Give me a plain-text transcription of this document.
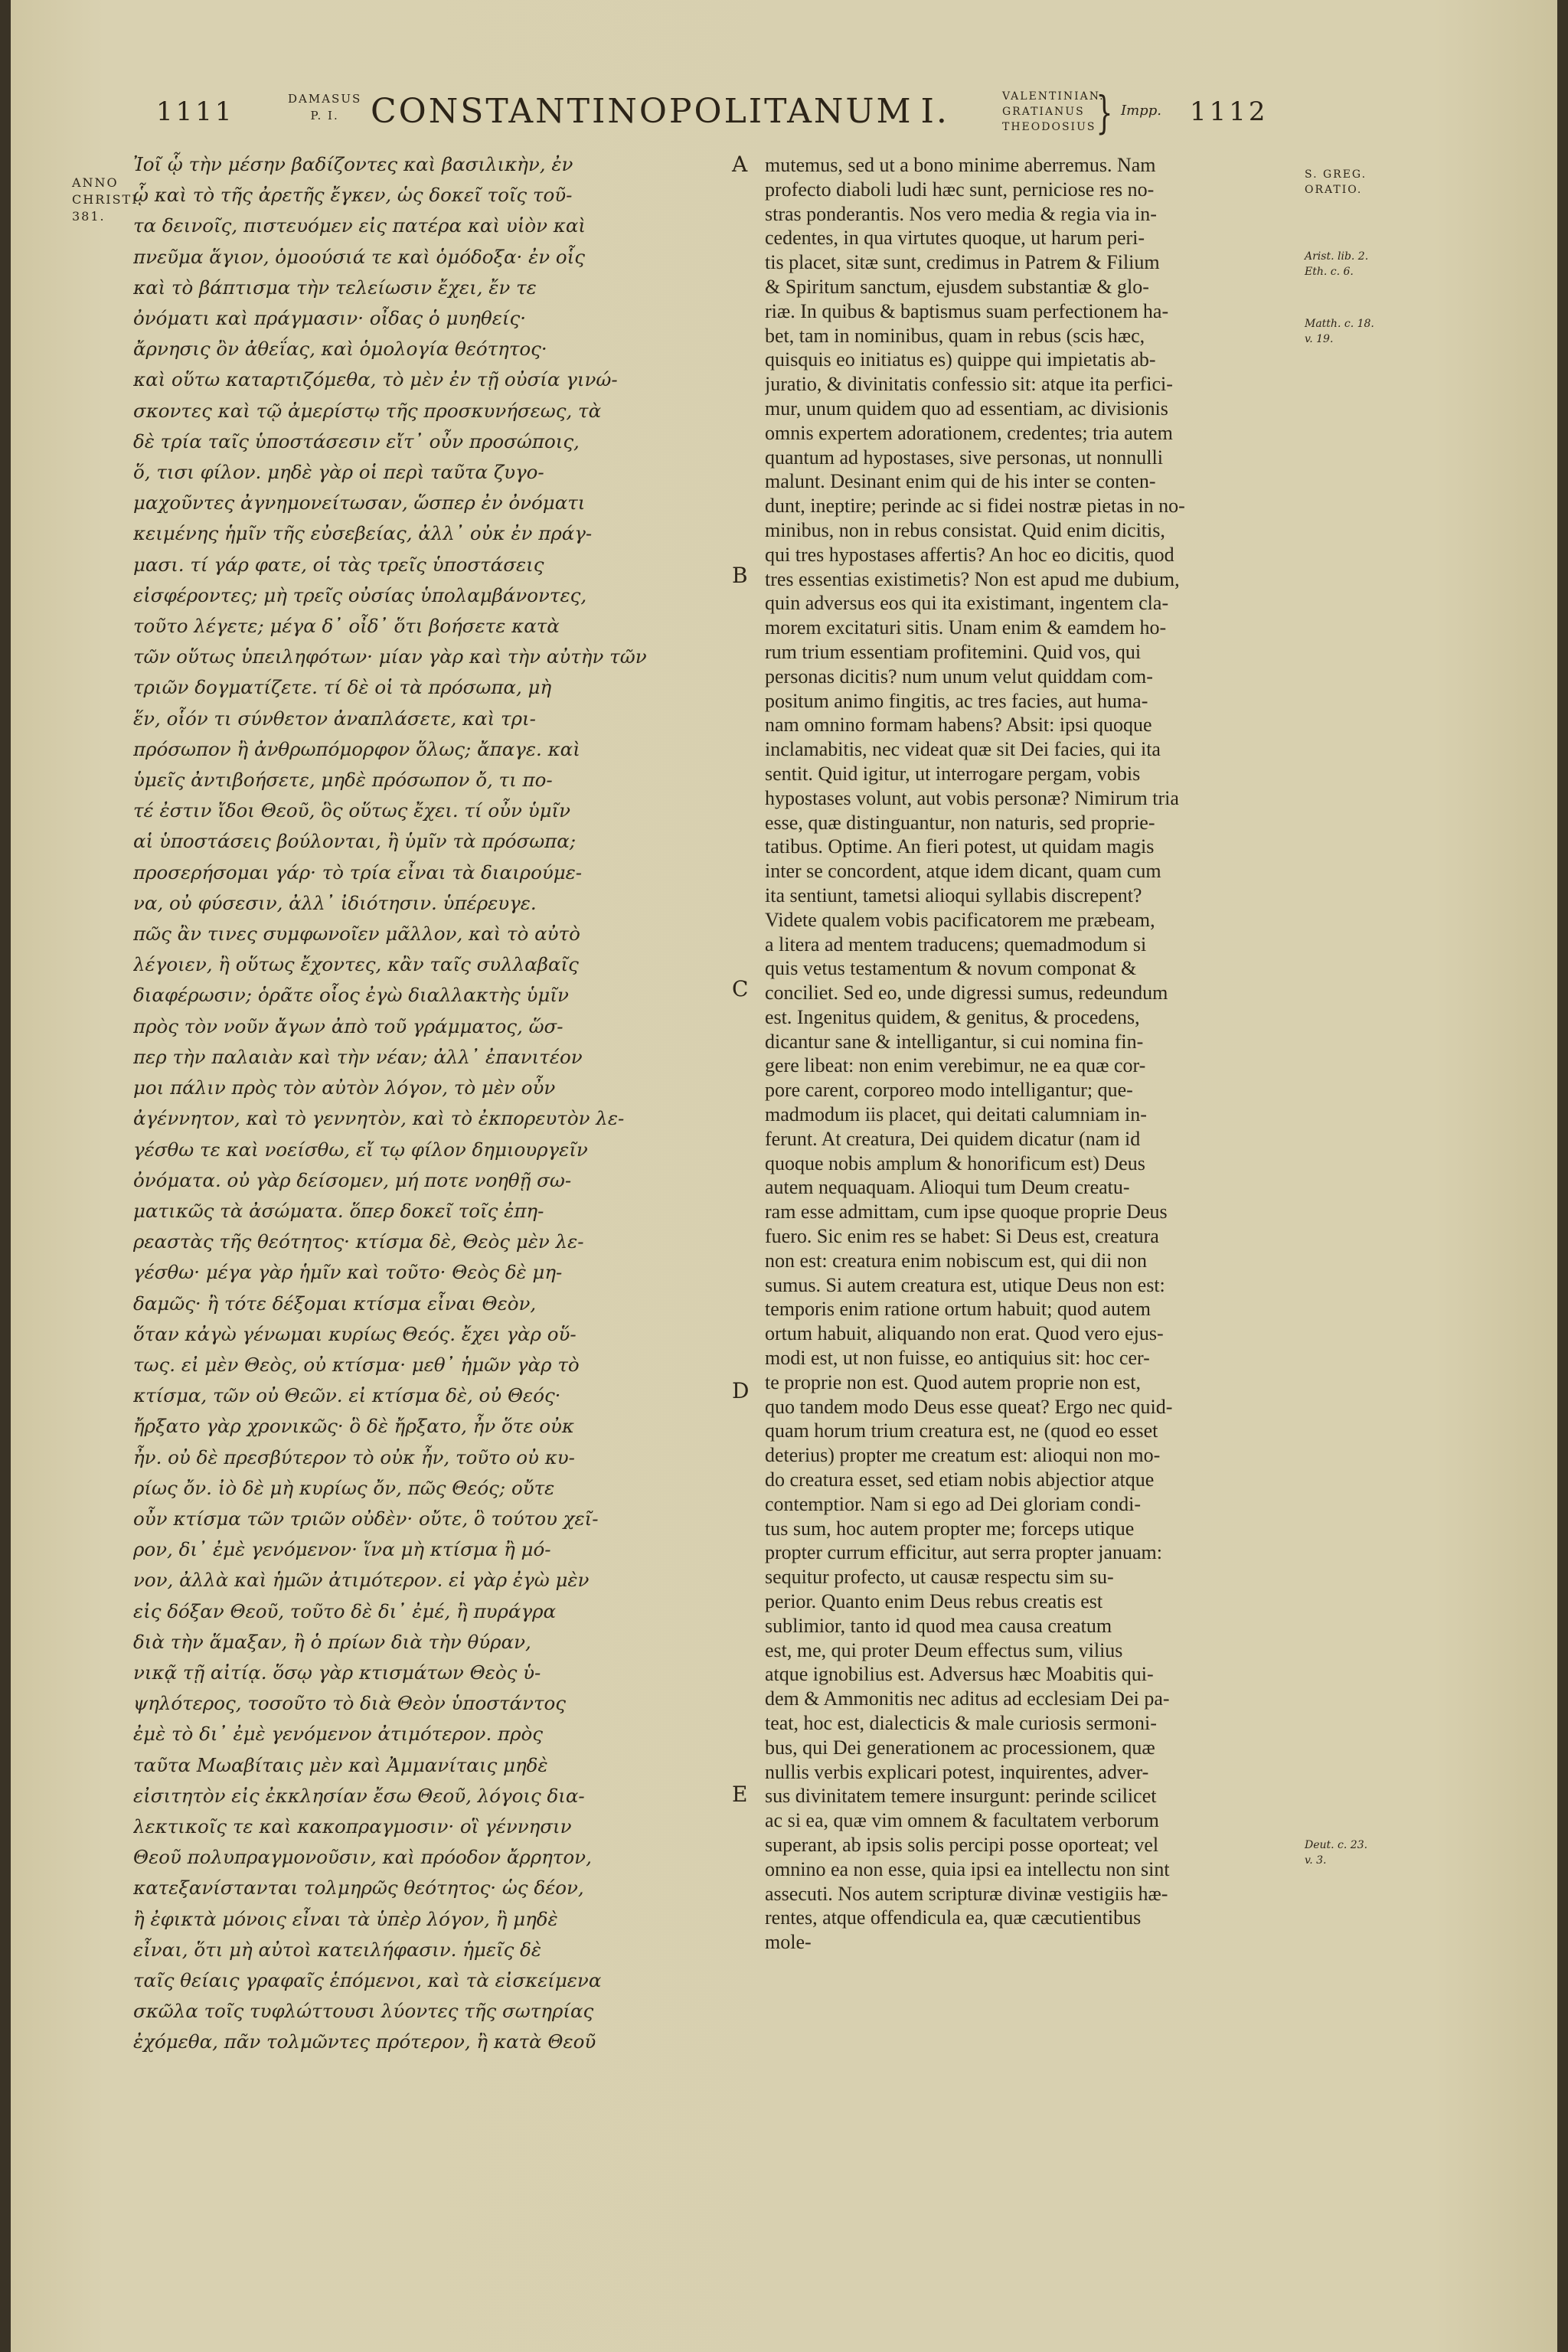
1111	DAMASUS
P. I. CONSTANTINOPOLITANUM I.	VALENTINIAN.
GRATIANUS
THEODOSIUS } Impp. 1112
ANNO
CHRISTI
381.
Ἰοῖ ᾧ τὴν μέσην βαδίζοντες καὶ βασιλικὴν, ἐν
ᾧ καὶ τὸ τῆς ἀρετῆς ἔγκεν, ὡς δοκεῖ τοῖς τοῦ-
τα δεινοῖς, πιστευόμεν εἰς πατέρα καὶ υἱὸν καὶ
πνεῦμα ἅγιον, ὁμοούσιά τε καὶ ὁμόδοξα· ἐν οἷς
καὶ τὸ βάπτισμα τὴν τελείωσιν ἔχει, ἔν τε
ὀνόματι καὶ πράγμασιν· οἶδας ὁ μυηθείς·
ἄρνησις ὂν ἀθεΐας, καὶ ὁμολογία θεότητος·
καὶ οὕτω καταρτιζόμεθα, τὸ μὲν ἐν τῇ οὐσία γινώ-
σκοντες καὶ τῷ ἀμερίστῳ τῆς προσκυνήσεως, τὰ
δὲ τρία ταῖς ὑποστάσεσιν εἴτ᾽ οὖν προσώποις,
ὅ, τισι φίλον. μηδὲ γὰρ οἱ περὶ ταῦτα ζυγο-
μαχοῦντες ἀγνημονείτωσαν, ὥσπερ ἐν ὀνόματι
κειμένης ἡμῖν τῆς εὐσεβείας, ἀλλ᾽ οὐκ ἐν πράγ-
μασι. τί γάρ φατε, οἱ τὰς τρεῖς ὑποστάσεις
εἰσφέροντες; μὴ τρεῖς οὐσίας ὑπολαμβάνοντες,
τοῦτο λέγετε; μέγα δ᾽ οἶδ᾽ ὅτι βοήσετε κατὰ
τῶν οὕτως ὑπειληφότων· μίαν γὰρ καὶ τὴν αὐτὴν τῶν
τριῶν δογματίζετε. τί δὲ οἱ τὰ πρόσωπα, μὴ
ἕν, οἷόν τι σύνθετον ἀναπλάσετε, καὶ τρι-
πρόσωπον ἢ ἀνθρωπόμορφον ὅλως; ἄπαγε. καὶ
ὑμεῖς ἀντιβοήσετε, μηδὲ πρόσωπον ὄ, τι πο-
τέ ἐστιν ἴδοι Θεοῦ, ὃς οὕτως ἔχει. τί οὖν ὑμῖν
αἱ ὑποστάσεις βούλονται, ἢ ὑμῖν τὰ πρόσωπα;
προσερήσομαι γάρ· τὸ τρία εἶναι τὰ διαιρούμε-
να, οὐ φύσεσιν, ἀλλ᾽ ἰδιότησιν. ὑπέρευγε.
πῶς ἂν τινες συμφωνοῖεν μᾶλλον, καὶ τὸ αὐτὸ
λέγοιεν, ἢ οὕτως ἔχοντες, κἂν ταῖς συλλαβαῖς
διαφέρωσιν; ὁρᾶτε οἷος ἐγὼ διαλλακτὴς ὑμῖν
πρὸς τὸν νοῦν ἄγων ἀπὸ τοῦ γράμματος, ὥσ-
περ τὴν παλαιὰν καὶ τὴν νέαν; ἀλλ᾽ ἐπανιτέον
μοι πάλιν πρὸς τὸν αὐτὸν λόγον, τὸ μὲν οὖν
ἀγέννητον, καὶ τὸ γεννητὸν, καὶ τὸ ἐκπορευτὸν λε-
γέσθω τε καὶ νοείσθω, εἴ τῳ φίλον δημιουργεῖν
ὀνόματα. οὐ γὰρ δείσομεν, μή ποτε νοηθῇ σω-
ματικῶς τὰ ἀσώματα. ὅπερ δοκεῖ τοῖς ἐπη-
ρεαστὰς τῆς θεότητος· κτίσμα δὲ, Θεὸς μὲν λε-
γέσθω· μέγα γὰρ ἡμῖν καὶ τοῦτο· Θεὸς δὲ μη-
δαμῶς· ἢ τότε δέξομαι κτίσμα εἶναι Θεὸν,
ὅταν κἀγὼ γένωμαι κυρίως Θεός. ἔχει γὰρ οὕ-
τως. εἰ μὲν Θεὸς, οὐ κτίσμα· μεθ᾽ ἡμῶν γὰρ τὸ
κτίσμα, τῶν οὐ Θεῶν. εἰ κτίσμα δὲ, οὐ Θεός·
ἤρξατο γὰρ χρονικῶς· ὃ δὲ ἤρξατο, ἦν ὅτε οὐκ
ἦν. οὐ δὲ πρεσβύτερον τὸ οὐκ ἦν, τοῦτο οὐ κυ-
ρίως ὄν. ἰὸ δὲ μὴ κυρίως ὄν, πῶς Θεός; οὔτε
οὖν κτίσμα τῶν τριῶν οὐδὲν· οὔτε, ὃ τούτου χεῖ-
ρον, δι᾽ ἐμὲ γενόμενον· ἵνα μὴ κτίσμα ἢ μό-
νον, ἀλλὰ καὶ ἡμῶν ἀτιμότερον. εἰ γὰρ ἐγὼ μὲν
εἰς δόξαν Θεοῦ, τοῦτο δὲ δι᾽ ἐμέ, ἢ πυράγρα
διὰ τὴν ἅμαξαν, ἢ ὁ πρίων διὰ τὴν θύραν,
νικᾷ τῇ αἰτίᾳ. ὅσῳ γὰρ κτισμάτων Θεὸς ὑ-
ψηλότερος, τοσοῦτο τὸ διὰ Θεὸν ὑποστάντος
ἐμὲ τὸ δι᾽ ἐμὲ γενόμενον ἀτιμότερον. πρὸς
ταῦτα Μωαβίταις μὲν καὶ Ἀμμανίταις μηδὲ
εἰσιτητὸν εἰς ἐκκλησίαν ἔσω Θεοῦ, λόγοις δια-
λεκτικοῖς τε καὶ κακοπραγμοσιν· οἳ γέννησιν
Θεοῦ πολυπραγμονοῦσιν, καὶ πρόοδον ἄρρητον,
κατεξανίστανται τολμηρῶς θεότητος· ὡς δέον,
ἢ ἐφικτὰ μόνοις εἶναι τὰ ὑπὲρ λόγον, ἢ μηδὲ
εἶναι, ὅτι μὴ αὐτοὶ κατειλήφασιν. ἡμεῖς δὲ
ταῖς θείαις γραφαῖς ἑπόμενοι, καὶ τὰ εἰσκείμενα
σκῶλα τοῖς τυφλώττουσι λύοντες τῆς σωτηρίας
ἐχόμεθα, πᾶν τολμῶντες πρότερον, ἢ κατὰ Θεοῦ
A
B
C
D
E
mutemus, sed ut a bono minime aberremus. Nam
profecto diaboli ludi hæc sunt, perniciose res no-
stras ponderantis. Nos vero media & regia via in-
cedentes, in qua virtutes quoque, ut harum peri-
tis placet, sitæ sunt, credimus in Patrem & Filium
& Spiritum sanctum, ejusdem substantiæ & glo-
riæ. In quibus & baptismus suam perfectionem ha-
bet, tam in nominibus, quam in rebus (scis hæc,
quisquis eo initiatus es) quippe qui impietatis ab-
juratio, & divinitatis confessio sit: atque ita perfici-
mur, unum quidem quo ad essentiam, ac divisionis
omnis expertem adorationem, credentes; tria autem
quantum ad hypostases, sive personas, ut nonnulli
malunt. Desinant enim qui de his inter se conten-
dunt, ineptire; perinde ac si fidei nostræ pietas in no-
minibus, non in rebus consistat. Quid enim dicitis,
qui tres hypostases affertis? An hoc eo dicitis, quod
tres essentias existimetis? Non est apud me dubium,
quin adversus eos qui ita existimant, ingentem cla-
morem excitaturi sitis. Unam enim & eamdem ho-
rum trium essentiam profitemini. Quid vos, qui
personas dicitis? num unum velut quiddam com-
positum animo fingitis, ac tres facies, aut huma-
nam omnino formam habens? Absit: ipsi quoque
inclamabitis, nec videat quæ sit Dei facies, qui ita
sentit. Quid igitur, ut interrogare pergam, vobis
hypostases volunt, aut vobis personæ? Nimirum tria
esse, quæ distinguantur, non naturis, sed proprie-
tatibus. Optime. An fieri potest, ut quidam magis
inter se concordent, atque idem dicant, quam cum
ita sentiunt, tametsi alioqui syllabis discrepent?
Videte qualem vobis pacificatorem me præbeam,
a litera ad mentem traducens; quemadmodum si
quis vetus testamentum & novum componat &
conciliet. Sed eo, unde digressi sumus, redeundum
est. Ingenitus quidem, & genitus, & procedens,
dicantur sane & intelligantur, si cui nomina fin-
gere libeat: non enim verebimur, ne ea quæ cor-
pore carent, corporeo modo intelligantur; que-
madmodum iis placet, qui deitati calumniam in-
ferunt. At creatura, Dei quidem dicatur (nam id
quoque nobis amplum & honorificum est) Deus
autem nequaquam. Alioqui tum Deum creatu-
ram esse admittam, cum ipse quoque proprie Deus
fuero. Sic enim res se habet: Si Deus est, creatura
non est: creatura enim nobiscum est, qui dii non
sumus. Si autem creatura est, utique Deus non est:
temporis enim ratione ortum habuit; quod autem
ortum habuit, aliquando non erat. Quod vero ejus-
modi est, ut non fuisse, eo antiquius sit: hoc cer-
te proprie non est. Quod autem proprie non est,
quo tandem modo Deus esse queat? Ergo nec quid-
quam horum trium creatura est, ne (quod eo esset
deterius) propter me creatum est: alioqui non mo-
do creatura esset, sed etiam nobis abjectior atque
contemptior. Nam si ego ad Dei gloriam condi-
tus sum, hoc autem propter me; forceps utique
propter currum efficitur, aut serra propter januam:
sequitur profecto, ut causæ respectu sim su-
perior. Quanto enim Deus rebus creatis est
sublimior, tanto id quod mea causa creatum
est, me, qui proter Deum effectus sum, vilius
atque ignobilius est. Adversus hæc Moabitis qui-
dem & Ammonitis nec aditus ad ecclesiam Dei pa-
teat, hoc est, dialecticis & male curiosis sermoni-
bus, qui Dei generationem ac processionem, quæ
nullis verbis explicari potest, inquirentes, adver-
sus divinitatem temere insurgunt: perinde scilicet
ac si ea, quæ vim omnem & facultatem verborum
superant, ab ipsis solis percipi posse oporteat; vel
omnino ea non esse, quia ipsi ea intellectu non sint
assecuti. Nos autem scripturæ divinæ vestigiis hæ-
rentes, atque offendicula ea, quæ cæcutientibus
mole-
S. GREG.
ORATIO.
Arist. lib. 2.
Eth. c. 6.
Matth. c. 18.
v. 19.
Deut. c. 23.
v. 3.
